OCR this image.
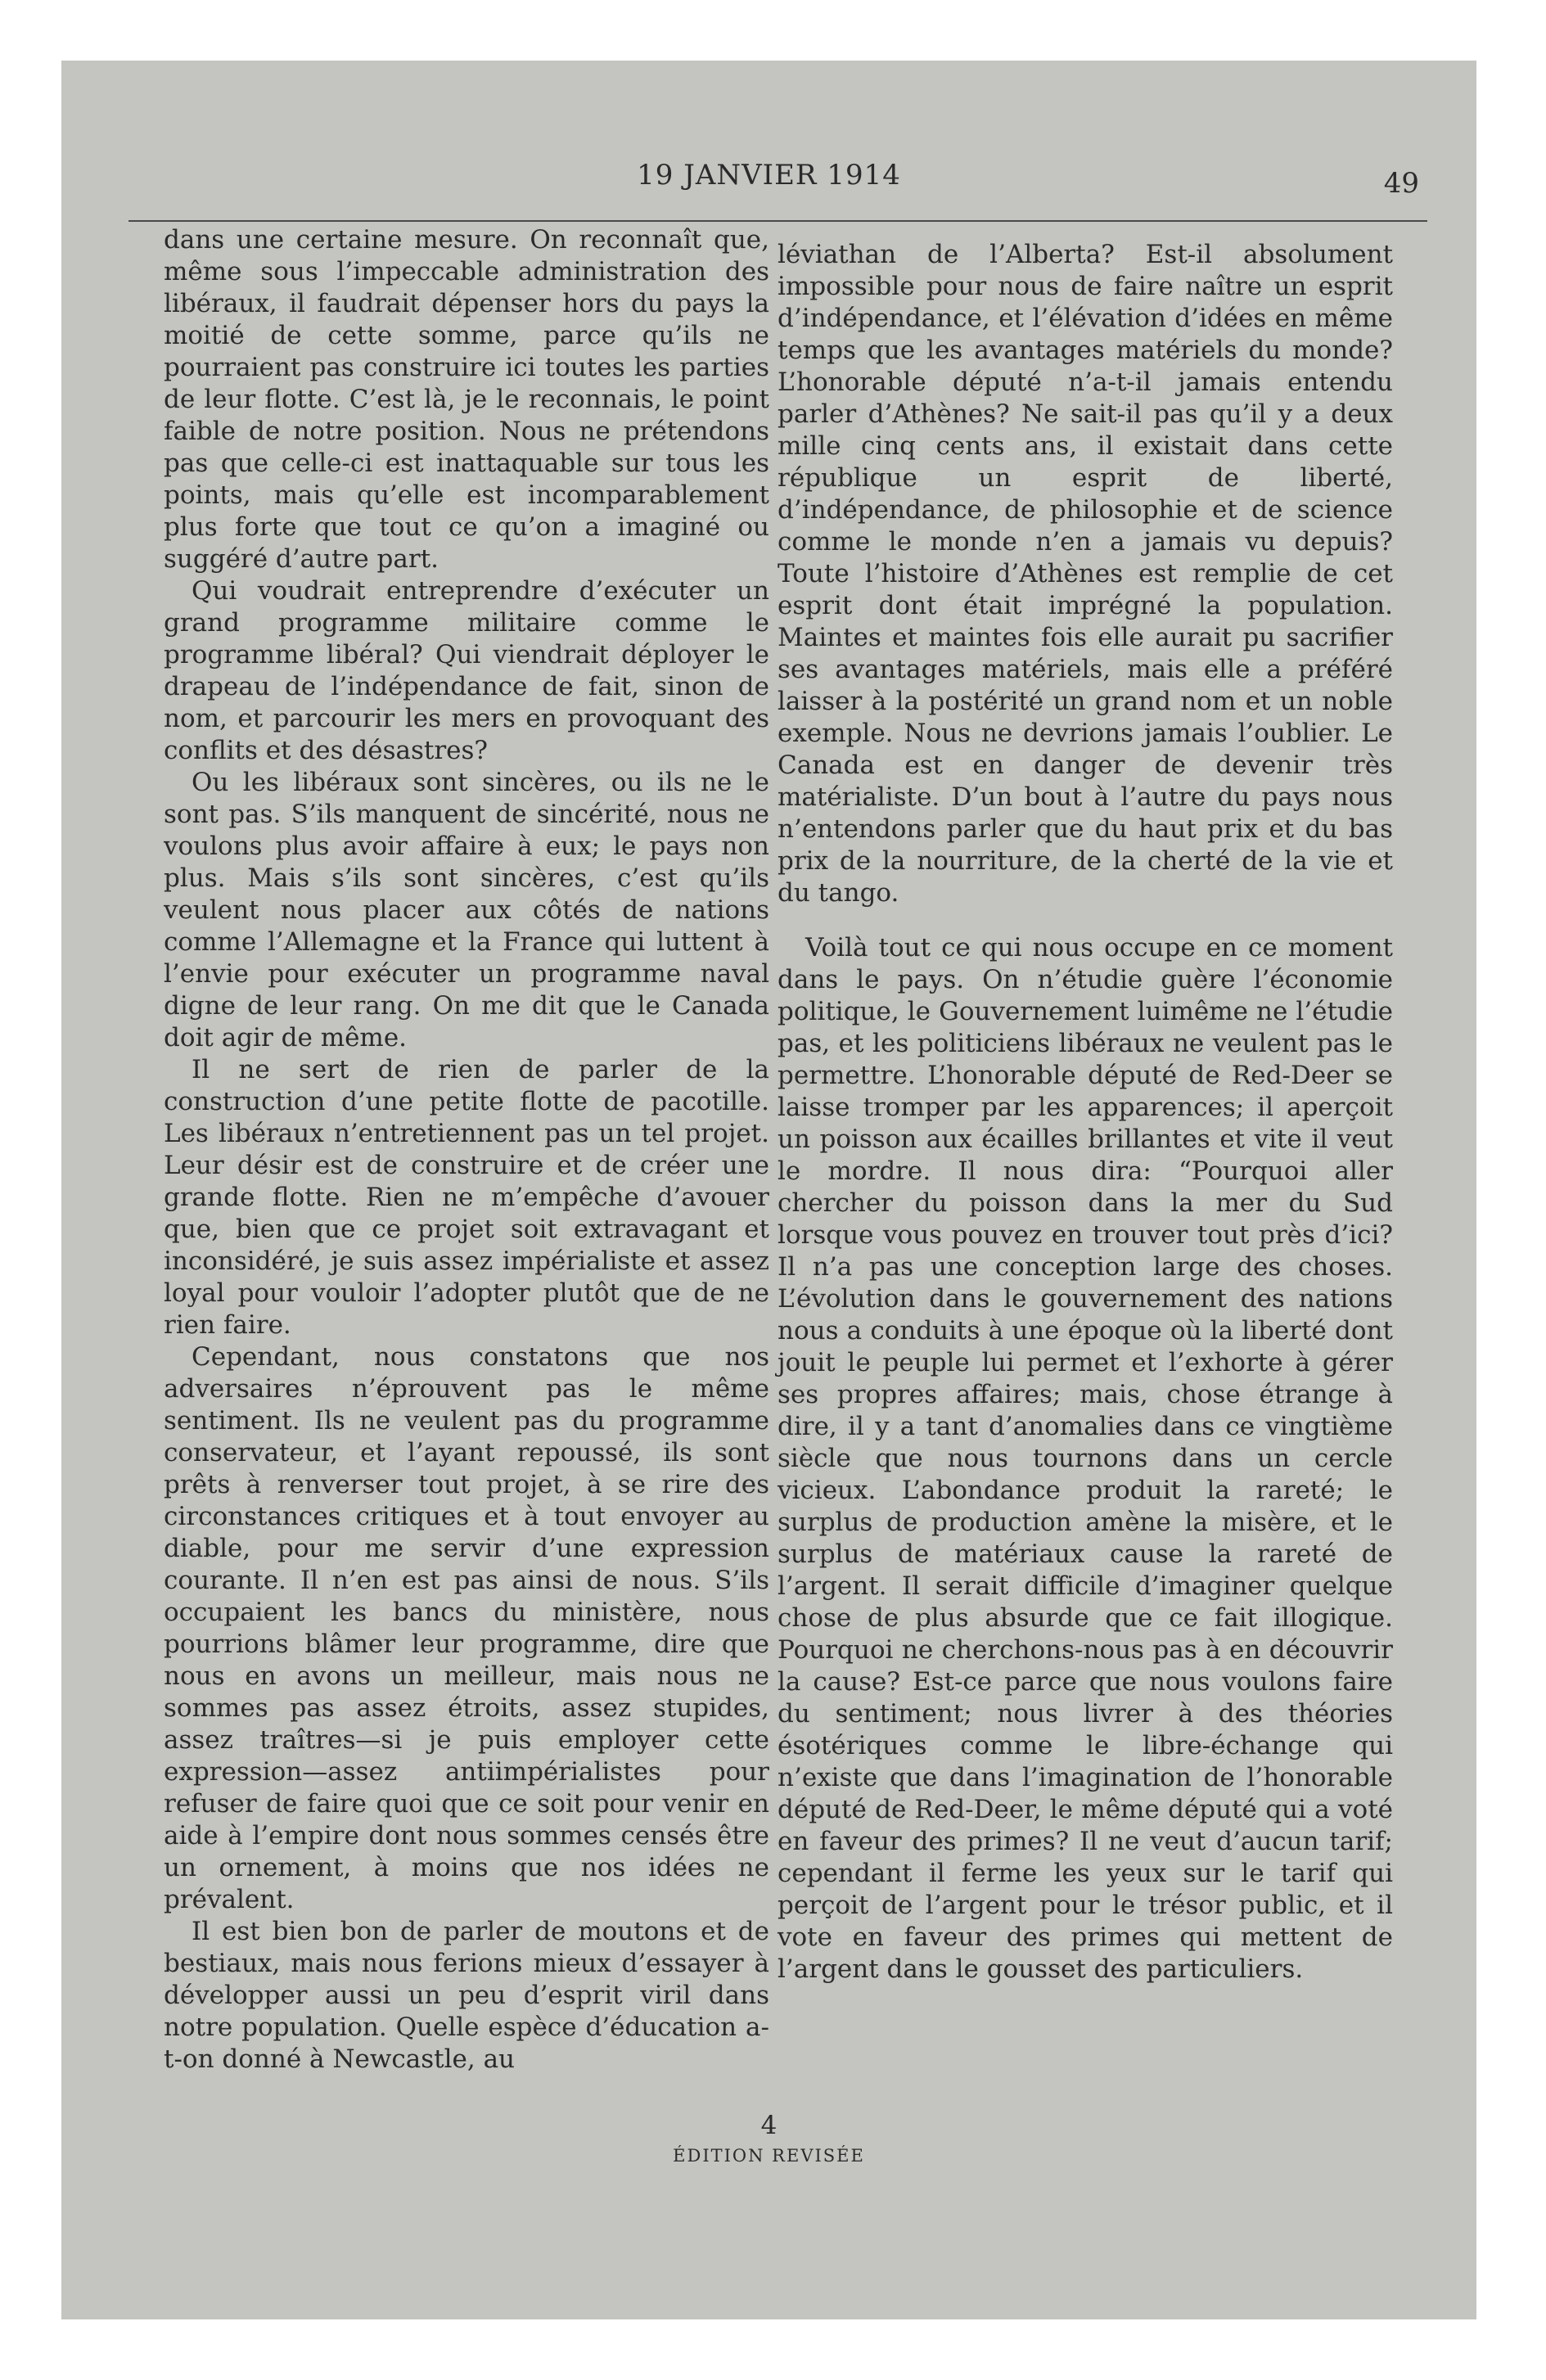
19 JANVIER 1914	49

dans une certaine mesure. On reconnaît que, même sous l’impeccable administration des libéraux, il faudrait dépenser hors du pays la moitié de cette somme, parce qu’ils ne pourraient pas construire ici toutes les parties de leur flotte. C’est là, je le reconnais, le point faible de notre position. Nous ne prétendons pas que celle-ci est inattaquable sur tous les points, mais qu’elle est incomparablement plus forte que tout ce qu’on a imaginé ou suggéré d’autre part.

Qui voudrait entreprendre d’exécuter un grand programme militaire comme le programme libéral? Qui viendrait déployer le drapeau de l’indépendance de fait, sinon de nom, et parcourir les mers en provoquant des conflits et des désastres?

Ou les libéraux sont sincères, ou ils ne le sont pas. S’ils manquent de sincérité, nous ne voulons plus avoir affaire à eux; le pays non plus. Mais s’ils sont sincères, c’est qu’ils veulent nous placer aux côtés de nations comme l’Allemagne et la France qui luttent à l’envie pour exécuter un programme naval digne de leur rang. On me dit que le Canada doit agir de même.

Il ne sert de rien de parler de la construction d’une petite flotte de pacotille. Les libéraux n’entretiennent pas un tel projet. Leur désir est de construire et de créer une grande flotte. Rien ne m’empêche d’avouer que, bien que ce projet soit extravagant et inconsidéré, je suis assez impérialiste et assez loyal pour vouloir l’adopter plutôt que de ne rien faire.

Cependant, nous constatons que nos adversaires n’éprouvent pas le même sentiment. Ils ne veulent pas du programme conservateur, et l’ayant repoussé, ils sont prêts à renverser tout projet, à se rire des circonstances critiques et à tout envoyer au diable, pour me servir d’une expression courante. Il n’en est pas ainsi de nous. S’ils occupaient les bancs du ministère, nous pourrions blâmer leur programme, dire que nous en avons un meilleur, mais nous ne sommes pas assez étroits, assez stupides, assez traîtres—si je puis employer cette expression—assez antiimpérialistes pour refuser de faire quoi que ce soit pour venir en aide à l’empire dont nous sommes censés être un ornement, à moins que nos idées ne prévalent.

Il est bien bon de parler de moutons et de bestiaux, mais nous ferions mieux d’essayer à développer aussi un peu d’esprit viril dans notre population. Quelle espèce d’éducation a-t-on donné à Newcastle, au

léviathan de l’Alberta? Est-il absolument impossible pour nous de faire naître un esprit d’indépendance, et l’élévation d’idées en même temps que les avantages matériels du monde? L’honorable député n’a-t-il jamais entendu parler d’Athènes? Ne sait-il pas qu’il y a deux mille cinq cents ans, il existait dans cette république un esprit de liberté, d’indépendance, de philosophie et de science comme le monde n’en a jamais vu depuis? Toute l’histoire d’Athènes est remplie de cet esprit dont était imprégné la population. Maintes et maintes fois elle aurait pu sacrifier ses avantages matériels, mais elle a préféré laisser à la postérité un grand nom et un noble exemple. Nous ne devrions jamais l’oublier. Le Canada est en danger de devenir très matérialiste. D’un bout à l’autre du pays nous n’entendons parler que du haut prix et du bas prix de la nourriture, de la cherté de la vie et du tango.

Voilà tout ce qui nous occupe en ce moment dans le pays. On n’étudie guère l’économie politique, le Gouvernement luimême ne l’étudie pas, et les politiciens libéraux ne veulent pas le permettre. L’honorable député de Red-Deer se laisse tromper par les apparences; il aperçoit un poisson aux écailles brillantes et vite il veut le mordre. Il nous dira: “Pourquoi aller chercher du poisson dans la mer du Sud lorsque vous pouvez en trouver tout près d’ici? Il n’a pas une conception large des choses. L’évolution dans le gouvernement des nations nous a conduits à une époque où la liberté dont jouit le peuple lui permet et l’exhorte à gérer ses propres affaires; mais, chose étrange à dire, il y a tant d’anomalies dans ce vingtième siècle que nous tournons dans un cercle vicieux. L’abondance produit la rareté; le surplus de production amène la misère, et le surplus de matériaux cause la rareté de l’argent. Il serait difficile d’imaginer quelque chose de plus absurde que ce fait illogique. Pourquoi ne cherchons-nous pas à en découvrir la cause? Est-ce parce que nous voulons faire du sentiment; nous livrer à des théories ésotériques comme le libre-échange qui n’existe que dans l’imagination de l’honorable député de Red-Deer, le même député qui a voté en faveur des primes? Il ne veut d’aucun tarif; cependant il ferme les yeux sur le tarif qui perçoit de l’argent pour le trésor public, et il vote en faveur des primes qui mettent de l’argent dans le gousset des particuliers.

4
ÉDITION REVISÉE
